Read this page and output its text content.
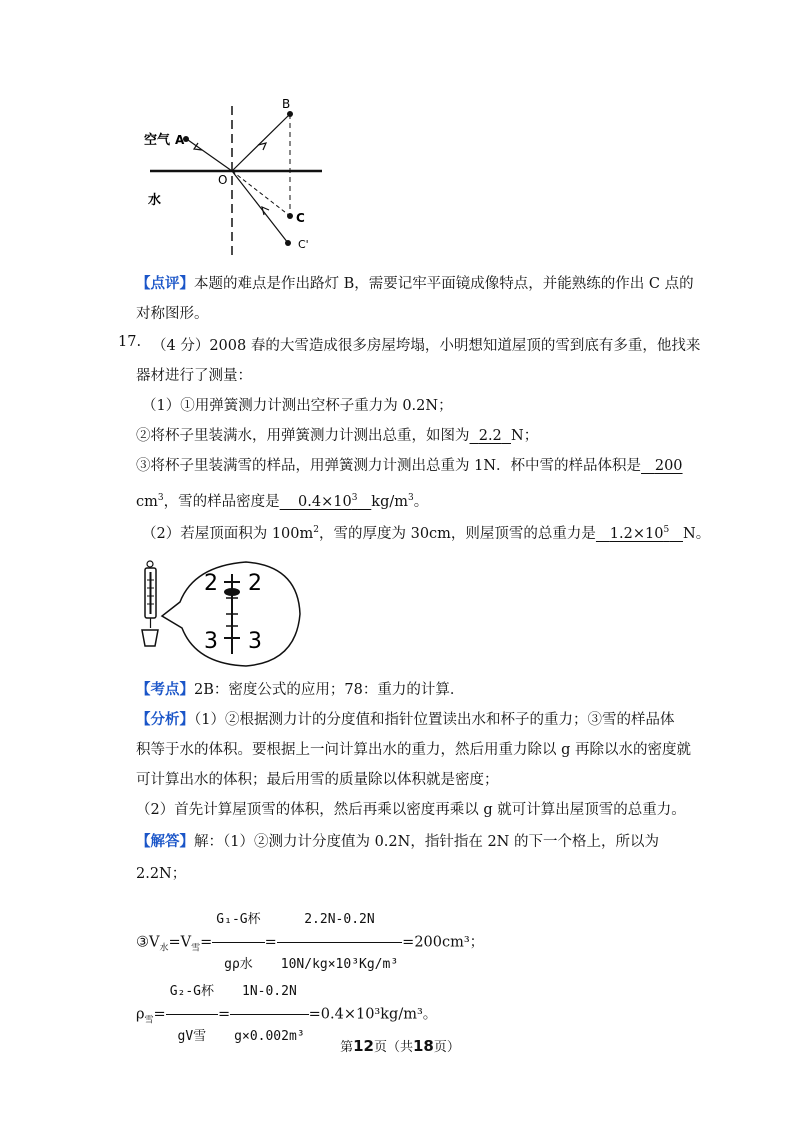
B
空气 A
O
水
C
C'
【点评】本题的难点是作出路灯 B，需要记牢平面镜成像特点，并能熟练的作出 C 点的
对称图形。
17. （4 分）2008 春的大雪造成很多房屋垮塌，小明想知道屋顶的雪到底有多重，他找来
器材进行了测量：
（1）①用弹簧测力计测出空杯子重力为 0.2N；
②将杯子里装满水，用弹簧测力计测出总重，如图为 2.2 N；
③将杯子里装满雪的样品，用弹簧测力计测出总重为 1N．杯中雪的样品体积是 200
$cm^3$，雪的样品密度是 $0.4\times 10^3$ $kg/m^3$。
（2）若屋顶面积为 $100m^2$，雪的厚度为 30cm，则屋顶雪的总重力是 $1.2\times 10^5$ N。
2 2
3 3
【考点】2B：密度公式的应用；78：重力的计算．
【分析】（1）②根据测力计的分度值和指针位置读出水和杯子的重力；③雪的样品体
积等于水的体积。要根据上一问计算出水的重力，然后用重力除以 g 再除以水的密度就
可计算出水的体积；最后用雪的质量除以体积就是密度；
（2）首先计算屋顶雪的体积，然后再乘以密度再乘以 g 就可计算出屋顶雪的总重力。
【解答】解：（1）②测力计分度值为 0.2N，指针指在 2N 的下一个格上，所以为
2.2N；
$③V_水=V_雪= \frac{\text{G₁-G杯}}{\text{gρ水}} = \frac{2.2N-0.2N}{\text{10N/kg×10³Kg/m³}} =200cm^3$；
$\rho_雪= \frac{\text{G₂-G杯}}{\text{gV雪}} = \frac{1N-0.2N}{\text{g×0.002m³}} =0.4\times 10^3kg/m^3$。
第12页（共18页）
